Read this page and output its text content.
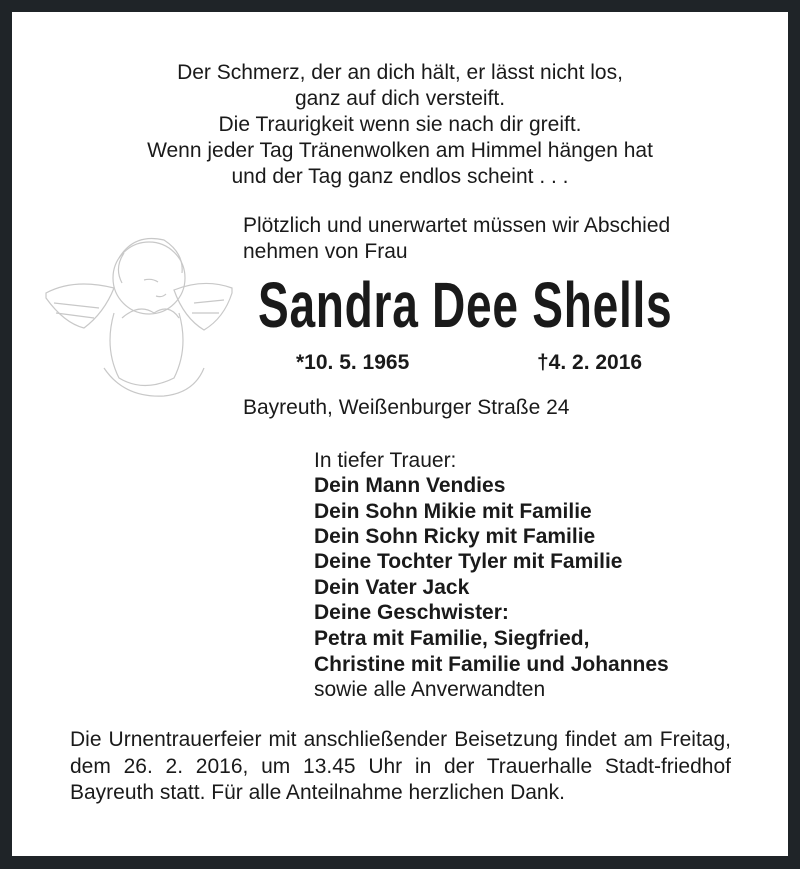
Der Schmerz, der an dich hält, er lässt nicht los,
ganz auf dich versteift.
Die Traurigkeit wenn sie nach dir greift.
Wenn jeder Tag Tränenwolken am Himmel hängen hat
und der Tag ganz endlos scheint . . .
Plötzlich und unerwartet müssen wir Abschied
nehmen von Frau
Sandra Dee Shells
*10. 5. 1965	†4. 2. 2016
Bayreuth, Weißenburger Straße 24
In tiefer Trauer:
Dein Mann Vendies
Dein Sohn Mikie mit Familie
Dein Sohn Ricky mit Familie
Deine Tochter Tyler mit Familie
Dein Vater Jack
Deine Geschwister:
Petra mit Familie, Siegfried,
Christine mit Familie und Johannes
sowie alle Anverwandten
Die Urnentrauerfeier mit anschließender Beisetzung findet am Freitag, dem 26. 2. 2016, um 13.45 Uhr in der Trauerhalle Stadt-friedhof Bayreuth statt. Für alle Anteilnahme herzlichen Dank.
